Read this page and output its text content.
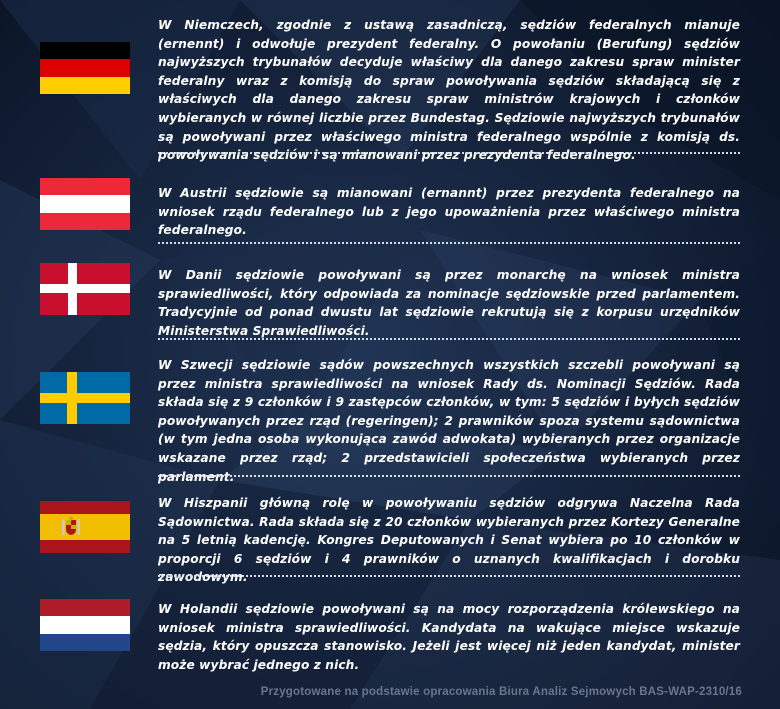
W Niemczech, zgodnie z ustawą zasadniczą, sędziów federalnych mianuje (ernennt) i odwołuje prezydent federalny. O powołaniu (Berufung) sędziów najwyższych trybunałów decyduje właściwy dla danego zakresu spraw minister federalny wraz z komisją do spraw powoływania sędziów składającą się z właściwych dla danego zakresu spraw ministrów krajowych i członków wybieranych w równej liczbie przez Bundestag. Sędziowie najwyższych trybunałów są powoływani przez właściwego ministra federalnego wspólnie z komisją ds. powoływania sędziów i są mianowani przez prezydenta federalnego.
W Austrii sędziowie są mianowani (ernannt) przez prezydenta federalnego na wniosek rządu federalnego lub z jego upoważnienia przez właściwego ministra federalnego.
W Danii sędziowie powoływani są przez monarchę na wniosek ministra sprawiedliwości, który odpowiada za nominacje sędziowskie przed parlamentem. Tradycyjnie od ponad dwustu lat sędziowie rekrutują się z korpusu urzędników Ministerstwa Sprawiedliwości.
W Szwecji sędziowie sądów powszechnych wszystkich szczebli powoływani są przez ministra sprawiedliwości na wniosek Rady ds. Nominacji Sędziów. Rada składa się z 9 członków i 9 zastępców członków, w tym: 5 sędziów i byłych sędziów powoływanych przez rząd (regeringen); 2 prawników spoza systemu sądownictwa (w tym jedna osoba wykonująca zawód adwokata) wybieranych przez organizacje wskazane przez rząd; 2 przedstawicieli społeczeństwa wybieranych przez parlament.
W Hiszpanii główną rolę w powoływaniu sędziów odgrywa Naczelna Rada Sądownictwa. Rada składa się z 20 członków wybieranych przez Kortezy Generalne na 5 letnią kadencję. Kongres Deputowanych i Senat wybiera po 10 członków w proporcji 6 sędziów i 4 prawników o uznanych kwalifikacjach i dorobku zawodowym.
W Holandii sędziowie powoływani są na mocy rozporządzenia królewskiego na wniosek ministra sprawiedliwości. Kandydata na wakujące miejsce wskazuje sędzia, który opuszcza stanowisko. Jeżeli jest więcej niż jeden kandydat, minister może wybrać jednego z nich.
Przygotowane na podstawie opracowania Biura Analiz Sejmowych BAS-WAP-2310/16
